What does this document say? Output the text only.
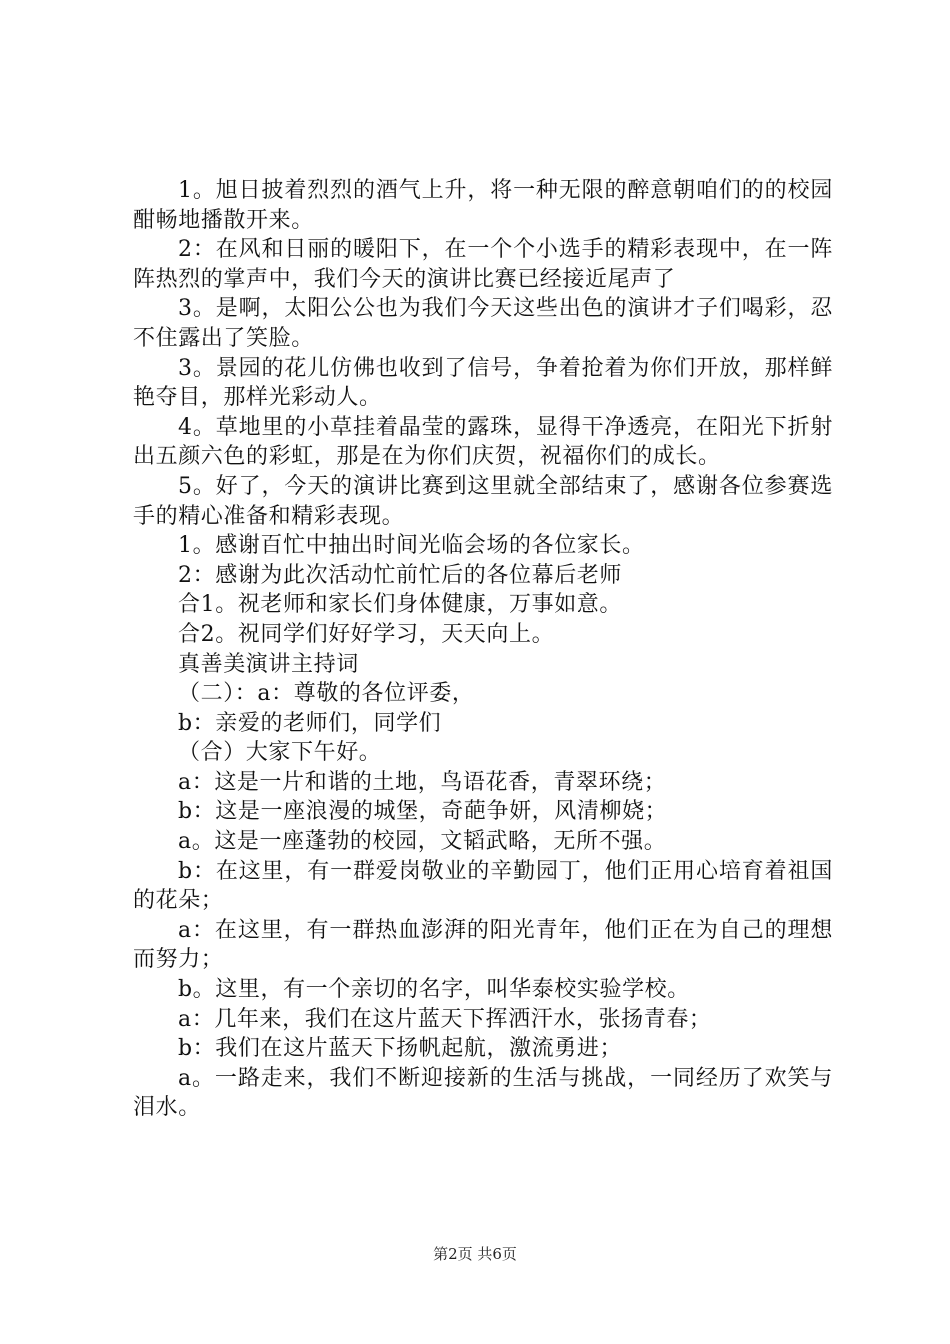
1。旭日披着烈烈的酒气上升，将一种无限的醉意朝咱们的的校园酣畅地播散开来。

2：在风和日丽的暖阳下，在一个个小选手的精彩表现中，在一阵阵热烈的掌声中，我们今天的演讲比赛已经接近尾声了

3。是啊，太阳公公也为我们今天这些出色的演讲才子们喝彩，忍不住露出了笑脸。

3。景园的花儿仿佛也收到了信号，争着抢着为你们开放，那样鲜艳夺目，那样光彩动人。

4。草地里的小草挂着晶莹的露珠，显得干净透亮，在阳光下折射出五颜六色的彩虹，那是在为你们庆贺，祝福你们的成长。

5。好了，今天的演讲比赛到这里就全部结束了，感谢各位参赛选手的精心准备和精彩表现。

1。感谢百忙中抽出时间光临会场的各位家长。

2：感谢为此次活动忙前忙后的各位幕后老师

合1。祝老师和家长们身体健康，万事如意。

合2。祝同学们好好学习，天天向上。

真善美演讲主持词

（二）：a：尊敬的各位评委，

b：亲爱的老师们，同学们

（合）大家下午好。

a：这是一片和谐的土地，鸟语花香，青翠环绕；

b：这是一座浪漫的城堡，奇葩争妍，风清柳娆；

a。这是一座蓬勃的校园，文韬武略，无所不强。

b：在这里，有一群爱岗敬业的辛勤园丁，他们正用心培育着祖国的花朵；

a：在这里，有一群热血澎湃的阳光青年，他们正在为自己的理想而努力；

b。这里，有一个亲切的名字，叫华泰校实验学校。

a：几年来，我们在这片蓝天下挥洒汗水，张扬青春；

b：我们在这片蓝天下扬帆起航，激流勇进；

a。一路走来，我们不断迎接新的生活与挑战，一同经历了欢笑与泪水。

第2页 共6页
